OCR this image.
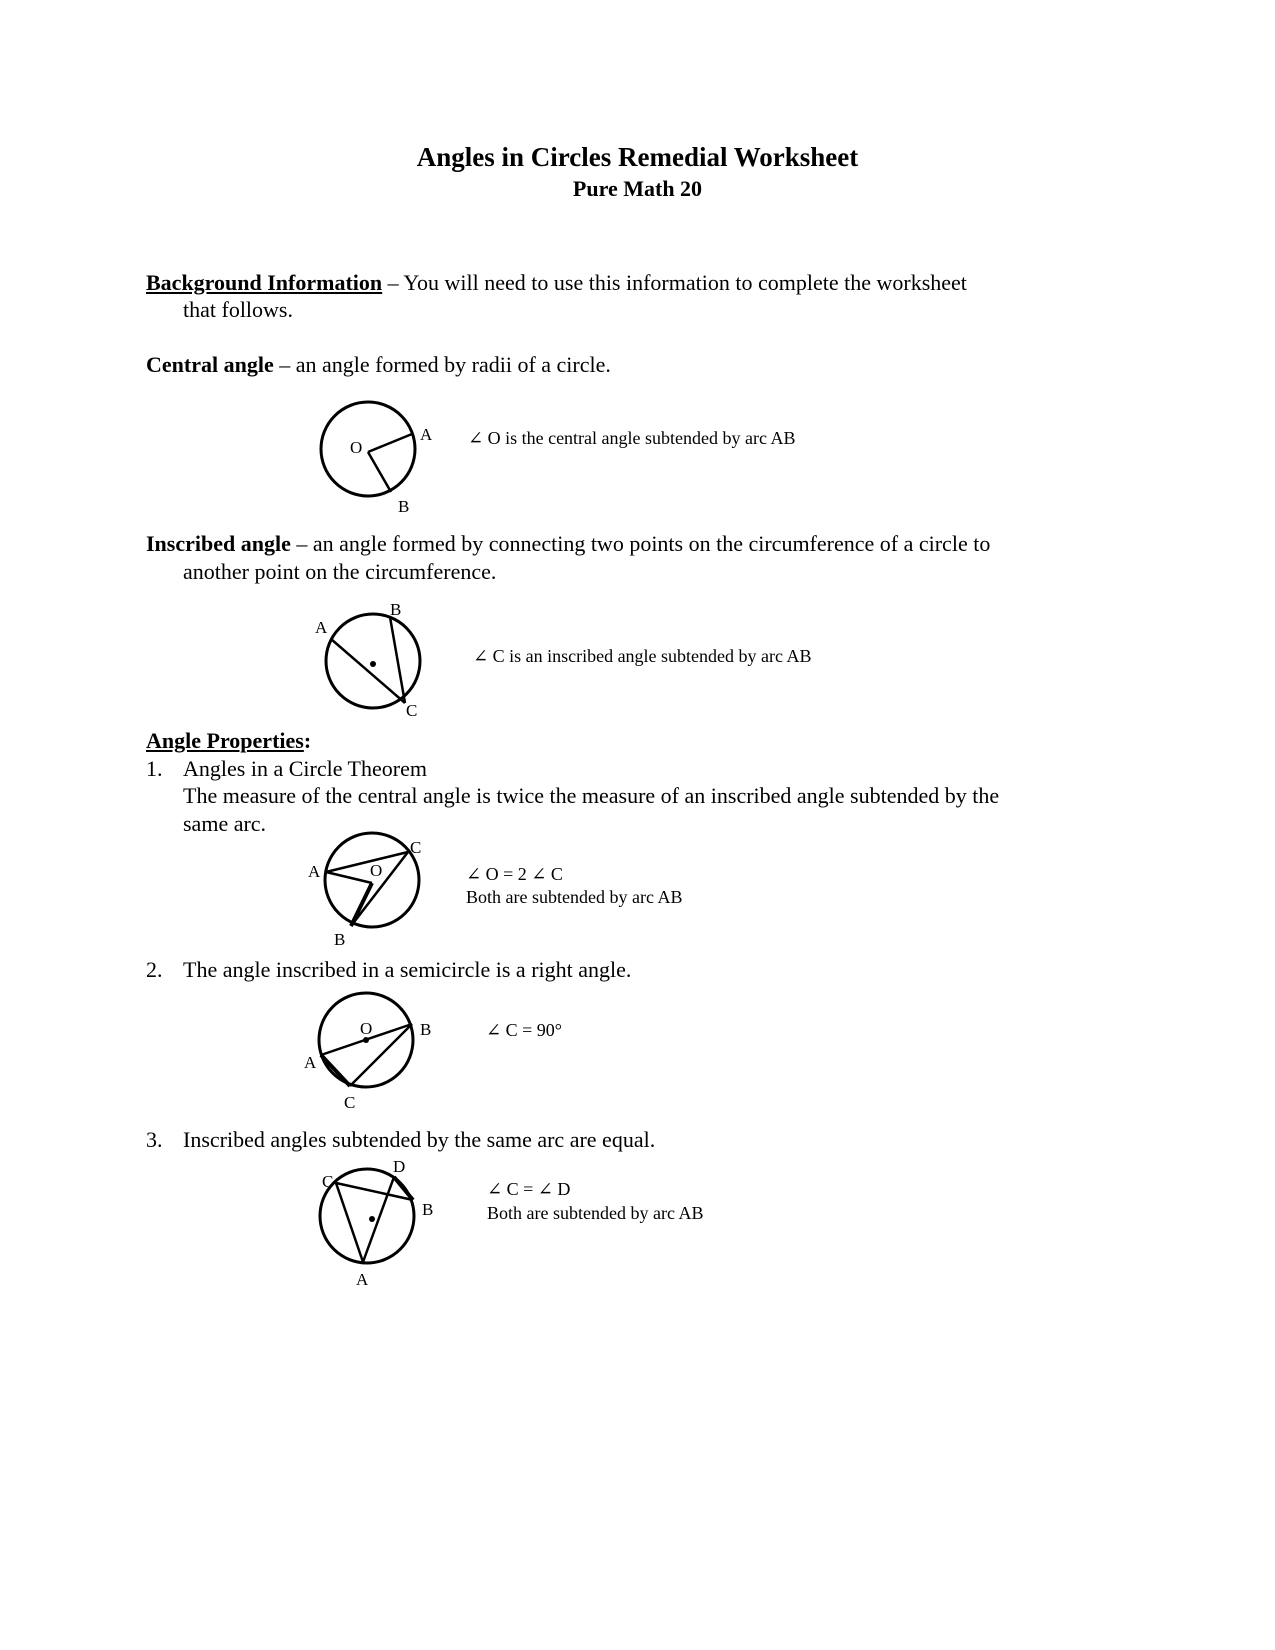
Angles in Circles Remedial Worksheet
Pure Math 20
Background Information – You will need to use this information to complete the worksheet
that follows.
Central angle – an angle formed by radii of a circle.
O
A
B
∠ O is the central angle subtended by arc AB
Inscribed angle – an angle formed by connecting two points on the circumference of a circle to
another point on the circumference.
A
B
C
∠ C is an inscribed angle subtended by arc AB
Angle Properties:
1. Angles in a Circle Theorem
The measure of the central angle is twice the measure of an inscribed angle subtended by the
same arc.
A
B
C
O	∠ O = 2 ∠ C
Both are subtended by arc AB
2. The angle inscribed in a semicircle is a right angle.
A
B
C
O	∠ C = 90°
3. Inscribed angles subtended by the same arc are equal.
A
B
C
D
∠ C = ∠ D
Both are subtended by arc AB
